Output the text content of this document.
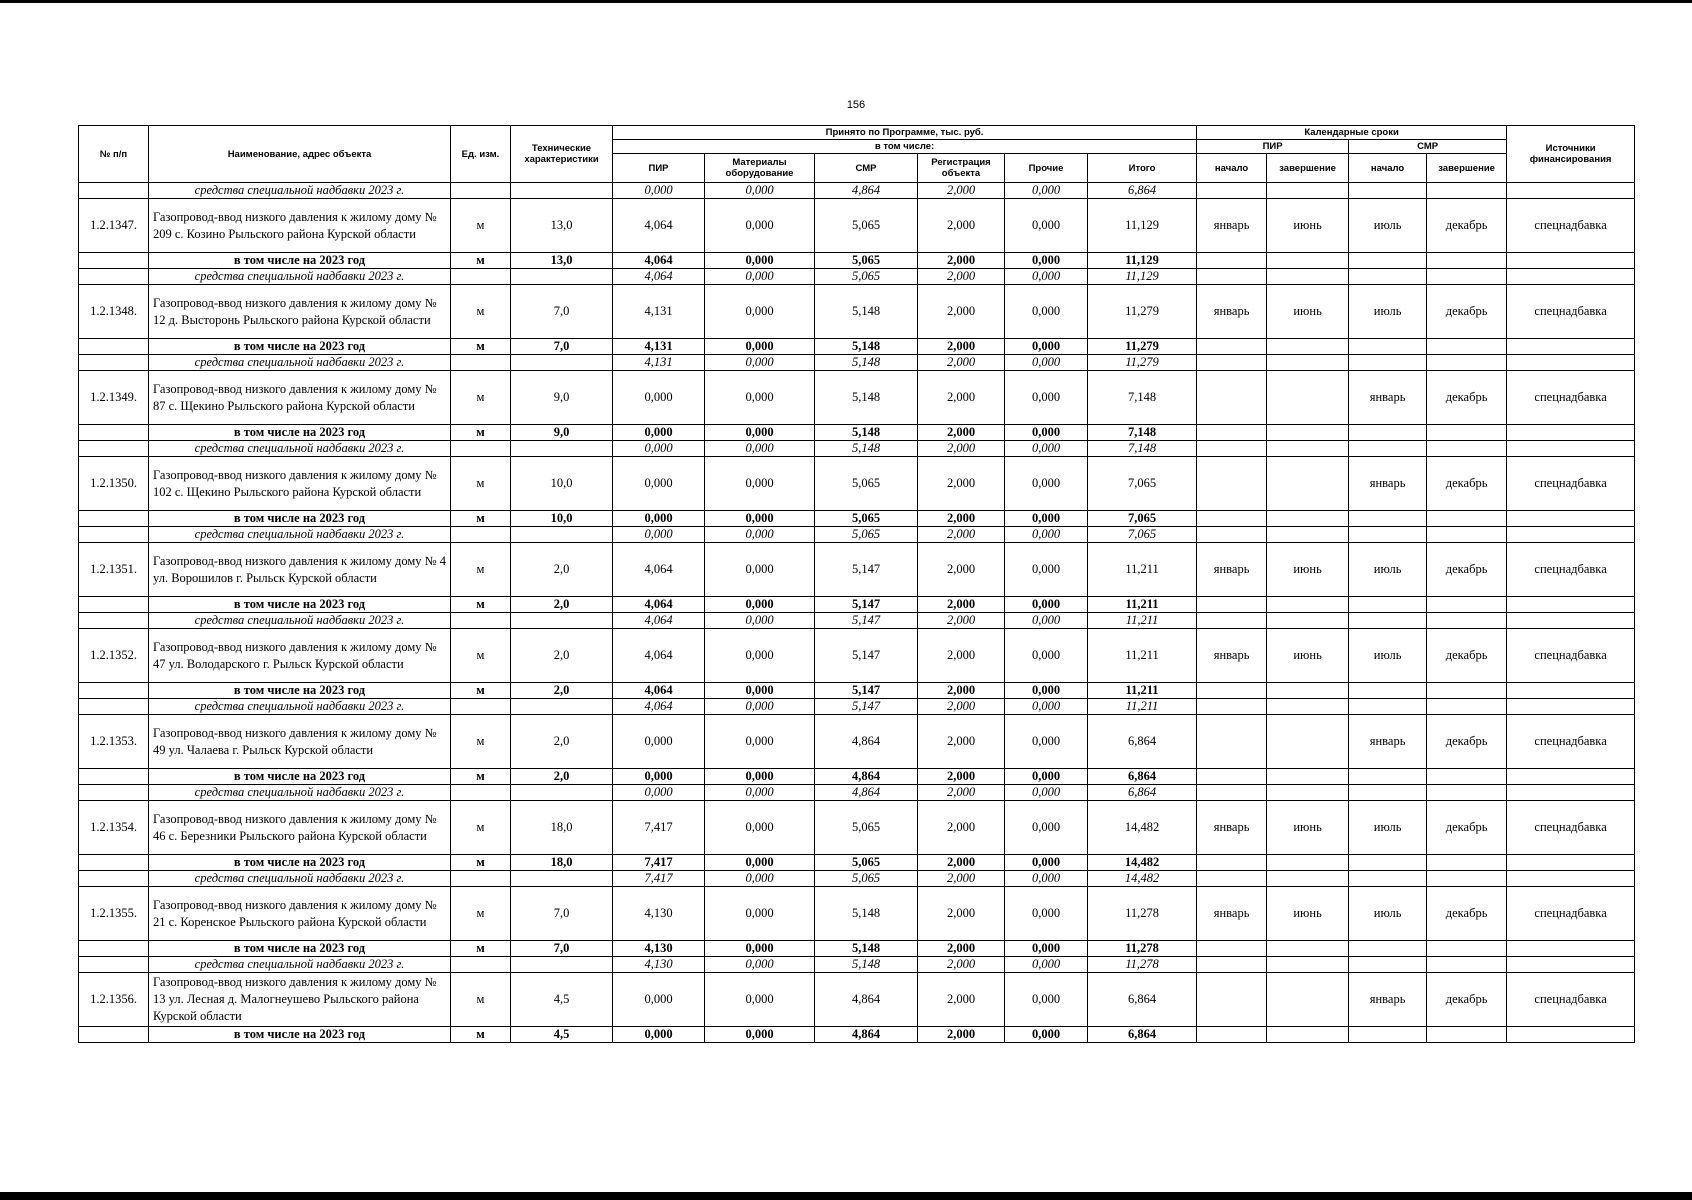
156
№ п/п	Наименование, адрес объекта	Ед. изм.	Технические характеристики	Принято по Программе, тыс. руб.						Календарные сроки				Источники финансирования
				в том числе:						ПИР		СМР		
				ПИР	Материалы оборудование	СМР	Регистрация объекта	Прочие	Итого	начало	завершение	начало	завершение	
	средства специальной надбавки 2023 г.			0,000	0,000	4,864	2,000	0,000	6,864					
1.2.1347.	Газопровод-ввод низкого давления к жилому дому № 209 с. Козино Рыльского района Курской области	м	13,0	4,064	0,000	5,065	2,000	0,000	11,129	январь	июнь	июль	декабрь	спецнадбавка
	в том числе на 2023 год	м	13,0	4,064	0,000	5,065	2,000	0,000	11,129					
	средства специальной надбавки 2023 г.			4,064	0,000	5,065	2,000	0,000	11,129					
1.2.1348.	Газопровод-ввод низкого давления к жилому дому № 12 д. Высторонь Рыльского района Курской области	м	7,0	4,131	0,000	5,148	2,000	0,000	11,279	январь	июнь	июль	декабрь	спецнадбавка
	в том числе на 2023 год	м	7,0	4,131	0,000	5,148	2,000	0,000	11,279					
	средства специальной надбавки 2023 г.			4,131	0,000	5,148	2,000	0,000	11,279					
1.2.1349.	Газопровод-ввод низкого давления к жилому дому № 87 с. Щекино Рыльского района Курской области	м	9,0	0,000	0,000	5,148	2,000	0,000	7,148			январь	декабрь	спецнадбавка
	в том числе на 2023 год	м	9,0	0,000	0,000	5,148	2,000	0,000	7,148					
	средства специальной надбавки 2023 г.			0,000	0,000	5,148	2,000	0,000	7,148					
1.2.1350.	Газопровод-ввод низкого давления к жилому дому № 102 с. Щекино Рыльского района Курской области	м	10,0	0,000	0,000	5,065	2,000	0,000	7,065			январь	декабрь	спецнадбавка
	в том числе на 2023 год	м	10,0	0,000	0,000	5,065	2,000	0,000	7,065					
	средства специальной надбавки 2023 г.			0,000	0,000	5,065	2,000	0,000	7,065					
1.2.1351.	Газопровод-ввод низкого давления к жилому дому № 4 ул. Ворошилов г. Рыльск Курской области	м	2,0	4,064	0,000	5,147	2,000	0,000	11,211	январь	июнь	июль	декабрь	спецнадбавка
	в том числе на 2023 год	м	2,0	4,064	0,000	5,147	2,000	0,000	11,211					
	средства специальной надбавки 2023 г.			4,064	0,000	5,147	2,000	0,000	11,211					
1.2.1352.	Газопровод-ввод низкого давления к жилому дому № 47 ул. Володарского г. Рыльск Курской области	м	2,0	4,064	0,000	5,147	2,000	0,000	11,211	январь	июнь	июль	декабрь	спецнадбавка
	в том числе на 2023 год	м	2,0	4,064	0,000	5,147	2,000	0,000	11,211					
	средства специальной надбавки 2023 г.			4,064	0,000	5,147	2,000	0,000	11,211					
1.2.1353.	Газопровод-ввод низкого давления к жилому дому № 49 ул. Чалаева г. Рыльск Курской области	м	2,0	0,000	0,000	4,864	2,000	0,000	6,864			январь	декабрь	спецнадбавка
	в том числе на 2023 год	м	2,0	0,000	0,000	4,864	2,000	0,000	6,864					
	средства специальной надбавки 2023 г.			0,000	0,000	4,864	2,000	0,000	6,864					
1.2.1354.	Газопровод-ввод низкого давления к жилому дому № 46 с. Березники Рыльского района Курской области	м	18,0	7,417	0,000	5,065	2,000	0,000	14,482	январь	июнь	июль	декабрь	спецнадбавка
	в том числе на 2023 год	м	18,0	7,417	0,000	5,065	2,000	0,000	14,482					
	средства специальной надбавки 2023 г.			7,417	0,000	5,065	2,000	0,000	14,482					
1.2.1355.	Газопровод-ввод низкого давления к жилому дому № 21 с. Коренское Рыльского района Курской области	м	7,0	4,130	0,000	5,148	2,000	0,000	11,278	январь	июнь	июль	декабрь	спецнадбавка
	в том числе на 2023 год	м	7,0	4,130	0,000	5,148	2,000	0,000	11,278					
	средства специальной надбавки 2023 г.			4,130	0,000	5,148	2,000	0,000	11,278					
1.2.1356.	Газопровод-ввод низкого давления к жилому дому № 13 ул. Лесная д. Малогнеушево Рыльского района Курской области	м	4,5	0,000	0,000	4,864	2,000	0,000	6,864			январь	декабрь	спецнадбавка
	в том числе на 2023 год	м	4,5	0,000	0,000	4,864	2,000	0,000	6,864					
